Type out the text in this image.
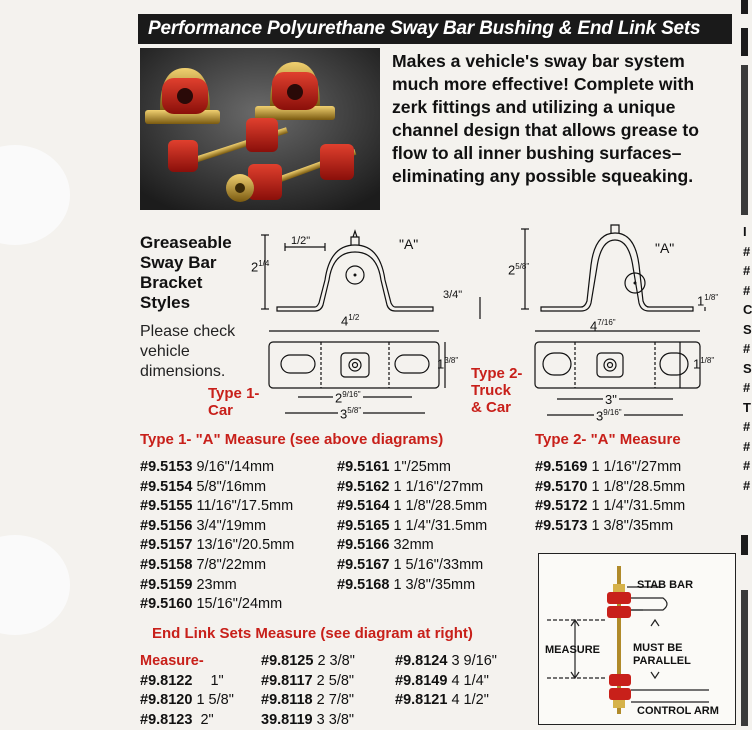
I
#
#
#
C
S
#
S
#
T
#
#
#
#
Performance Polyurethane Sway Bar Bushing & End Link Sets
Makes a vehicle's sway bar system much more effective! Complete with zerk fittings and utilizing a unique channel design that allows grease to flow to all inner bushing surfaces–eliminating any possible squeaking.
Greaseable
Sway Bar
Bracket
Styles
Please check
vehicle
dimensions.
Type 1-
Car
Type 2-
Truck
& Car
"A"
1/2"
$2^{1/4}$
3/4"
$4^{1/2}$
$1^{3/8"}$
$2^{9/16"}$
$3^{5/8"}$
"A"
$2^{5/8"}$
$1^{1/8"}$
$4^{7/16"}$
$1^{1/8"}$
3"
$3^{9/16"}$
Type 1- "A" Measure (see above diagrams)
#9.5153 9/16"/14mm
#9.5154 5/8"/16mm
#9.5155 11/16"/17.5mm
#9.5156 3/4"/19mm
#9.5157 13/16"/20.5mm
#9.5158 7/8"/22mm
#9.5159 23mm
#9.5160 15/16"/24mm
#9.5161 1"/25mm
#9.5162 1 1/16"/27mm
#9.5164 1 1/8"/28.5mm
#9.5165 1 1/4"/31.5mm
#9.5166 32mm
#9.5167 1 5/16"/33mm
#9.5168 1 3/8"/35mm
Type 2- "A" Measure
#9.5169 1 1/16"/27mm
#9.5170 1 1/8"/28.5mm
#9.5172 1 1/4"/31.5mm
#9.5173 1 3/8"/35mm
End Link Sets Measure (see diagram at right)
Measure-
#9.8122 1"
#9.8120 1 5/8"
#9.8123 2"
#9.8125 2 3/8"
#9.8117 2 5/8"
#9.8118 2 7/8"
39.8119 3 3/8"
#9.8124 3 9/16"
#9.8149 4 1/4"
#9.8121 4 1/2"
STAB BAR
MEASURE	MUST BE
PARALLEL
CONTROL ARM
